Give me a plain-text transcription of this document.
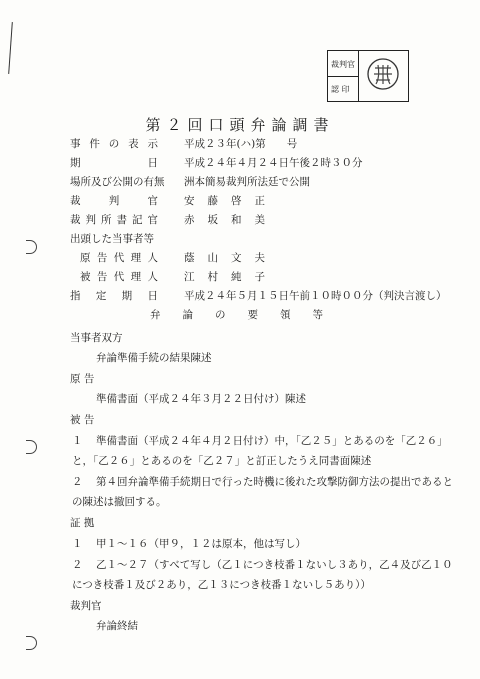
裁判官
認 印
第２回口頭弁論調書
事件の表示 平成２３年(ハ)第　　号
期日 平成２４年４月２４日午後２時３０分
場所及び公開の有無 洲本簡易裁判所法廷で公開
裁判官 安藤啓正
裁判所書記官 赤坂和美
出頭した当事者等
原告代理人 蔭山文夫
被告代理人 江村純子
指定期日 平成２４年５月１５日午前１０時００分（判決言渡し）
弁論の要領等
当事者双方
弁論準備手続の結果陳述
原 告
準備書面（平成２４年３月２２日付け）陳述
被 告
１ 準備書面（平成２４年４月２日付け）中，「乙２５」とあるのを「乙２６」
と，「乙２６」とあるのを「乙２７」と訂正したうえ同書面陳述
２ 第４回弁論準備手続期日で行った時機に後れた攻撃防御方法の提出であると
の陳述は撤回する。
証 拠
１ 甲１～１６（甲９，１２は原本，他は写し）
２ 乙１～２７（すべて写し（乙１につき枝番１ないし３あり，乙４及び乙１０
につき枝番１及び２あり，乙１３につき枝番１ないし５あり））
裁判官
弁論終結
